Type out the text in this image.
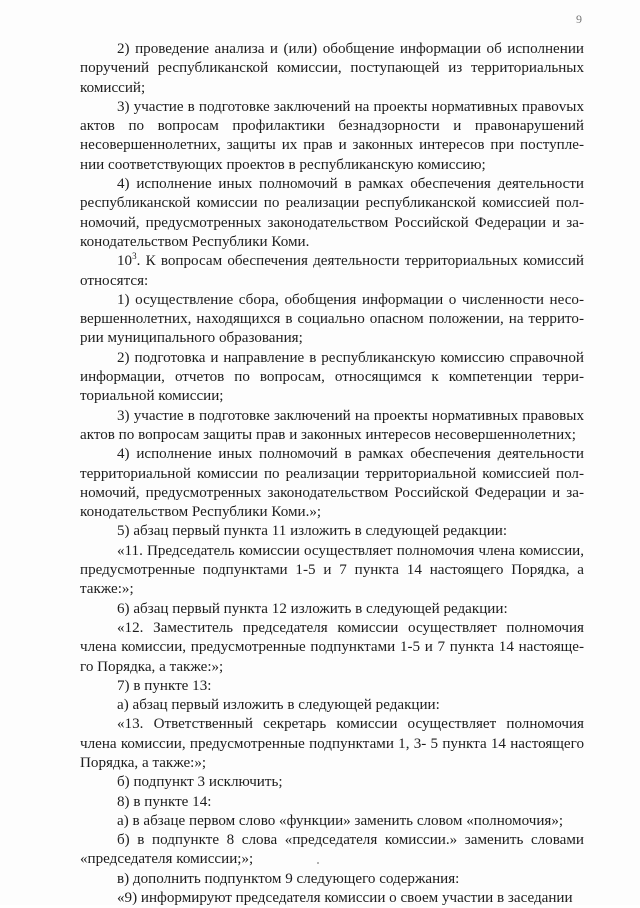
9

2) проведение анализа и (или) обобщение информации об исполнении поручений республиканской комиссии, поступающей из территориальных комиссий;

3) участие в подготовке заключений на проекты нормативных правоvых актов по вопросам профилактики безнадзорности и правонарушений несовершеннолетних, защиты их прав и законных интересов при поступлении соответствующих проектов в республиканскую комиссию;

4) исполнение иных полномочий в рамках обеспечения деятельности республиканской комиссии по реализации республиканской комиссией полномочий, предусмотренных законодательством Российской Федерации и законодательством Республики Коми.

$10^3$. К вопросам обеспечения деятельности территориальных комиссий относятся:

1) осуществление сбора, обобщения информации о численности несовершеннолетних, находящихся в социально опасном положении, на территории муниципального образования;

2) подготовка и направление в республиканскую комиссию справочной информации, отчетов по вопросам, относящимся к компетенции территориальной комиссии;

3) участие в подготовке заключений на проекты нормативных правовых актов по вопросам защиты прав и законных интересов несовершеннолетних;

4) исполнение иных полномочий в рамках обеспечения деятельности территориальной комиссии по реализации территориальной комиссией полномочий, предусмотренных законодательством Российской Федерации и законодательством Республики Коми.»;

5) абзац первый пункта 11 изложить в следующей редакции:

«11. Председатель комиссии осуществляет полномочия члена комиссии, предусмотренные подпунктами 1-5 и 7 пункта 14 настоящего Порядка, а также:»;

6) абзац первый пункта 12 изложить в следующей редакции:

«12. Заместитель председателя комиссии осуществляет полномочия члена комиссии, предусмотренные подпунктами 1-5 и 7 пункта 14 настоящего Порядка, а также:»;

7) в пункте 13:

а) абзац первый изложить в следующей редакции:

«13. Ответственный секретарь комиссии осуществляет полномочия члена комиссии, предусмотренные подпунктами 1, 3- 5 пункта 14 настоящего Порядка, а также:»;

б) подпункт 3 исключить;

8) в пункте 14:

а) в абзаце первом слово «функции» заменить словом «полномочия»;

б) в подпункте 8 слова «председателя комиссии.» заменить словами «председателя комиссии;»;

в) дополнить подпунктом 9 следующего содержания:

«9) информируют председателя комиссии о своем участии в заседании
